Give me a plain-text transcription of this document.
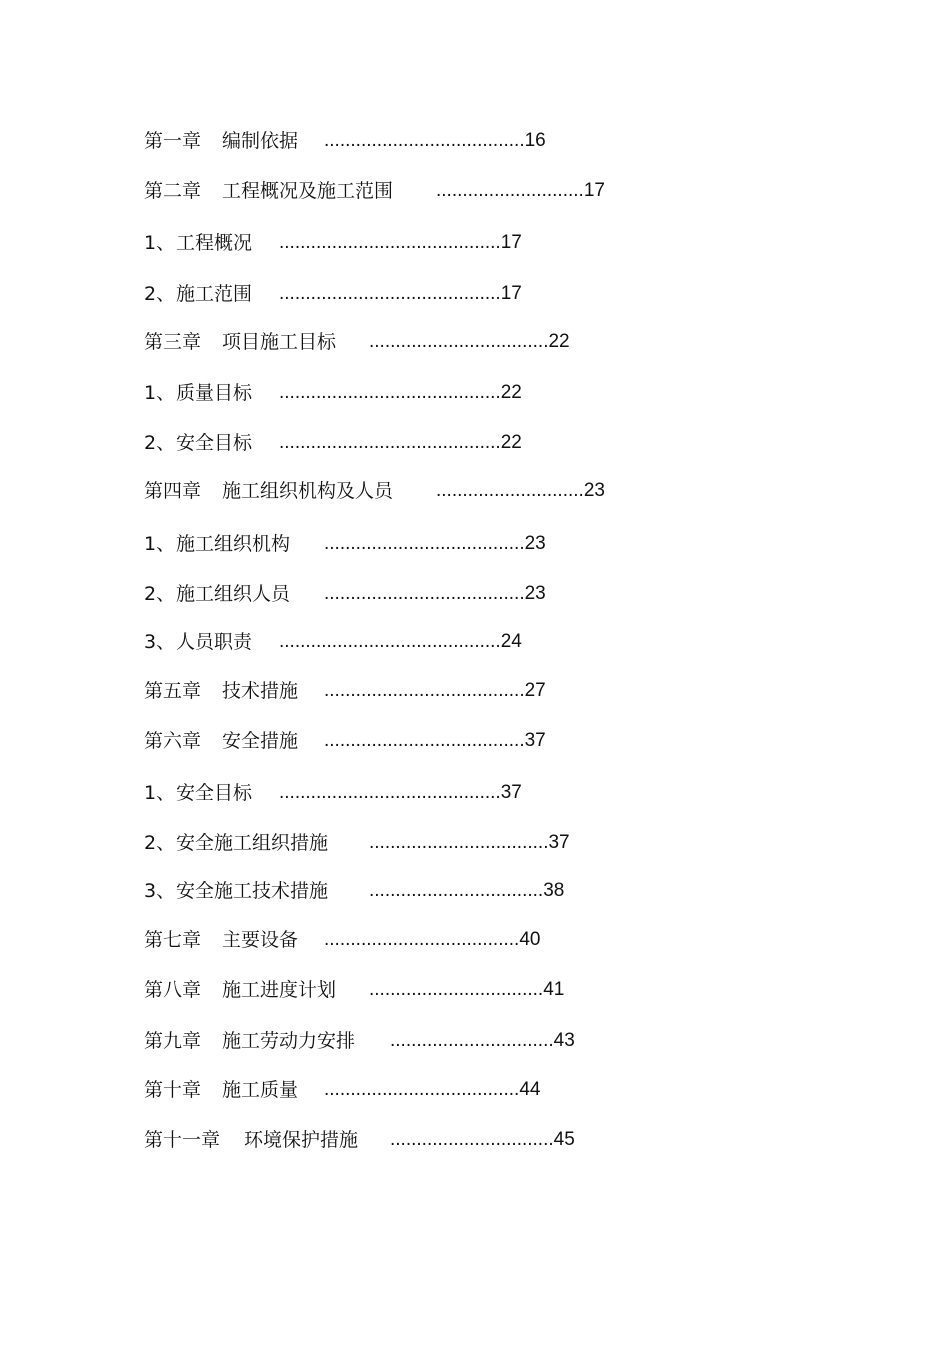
第一章 编制依据 ......................................16
第二章 工程概况及施工范围 ............................17
1、 工程概况 ..........................................17
2、 施工范围 ..........................................17
第三章 项目施工目标 ..................................22
1、 质量目标 ..........................................22
2、 安全目标 ..........................................22
第四章 施工组织机构及人员 ............................23
1、 施工组织机构 ......................................23
2、 施工组织人员 ......................................23
3、 人员职责 ..........................................24
第五章 技术措施 ......................................27
第六章 安全措施 ......................................37
1、 安全目标 ..........................................37
2、 安全施工组织措施 ..................................37
3、 安全施工技术措施 .................................38
第七章 主要设备 .....................................40
第八章 施工进度计划 .................................41
第九章 施工劳动力安排 ...............................43
第十章 施工质量 .....................................44
第十一章 环境保护措施 ...............................45
